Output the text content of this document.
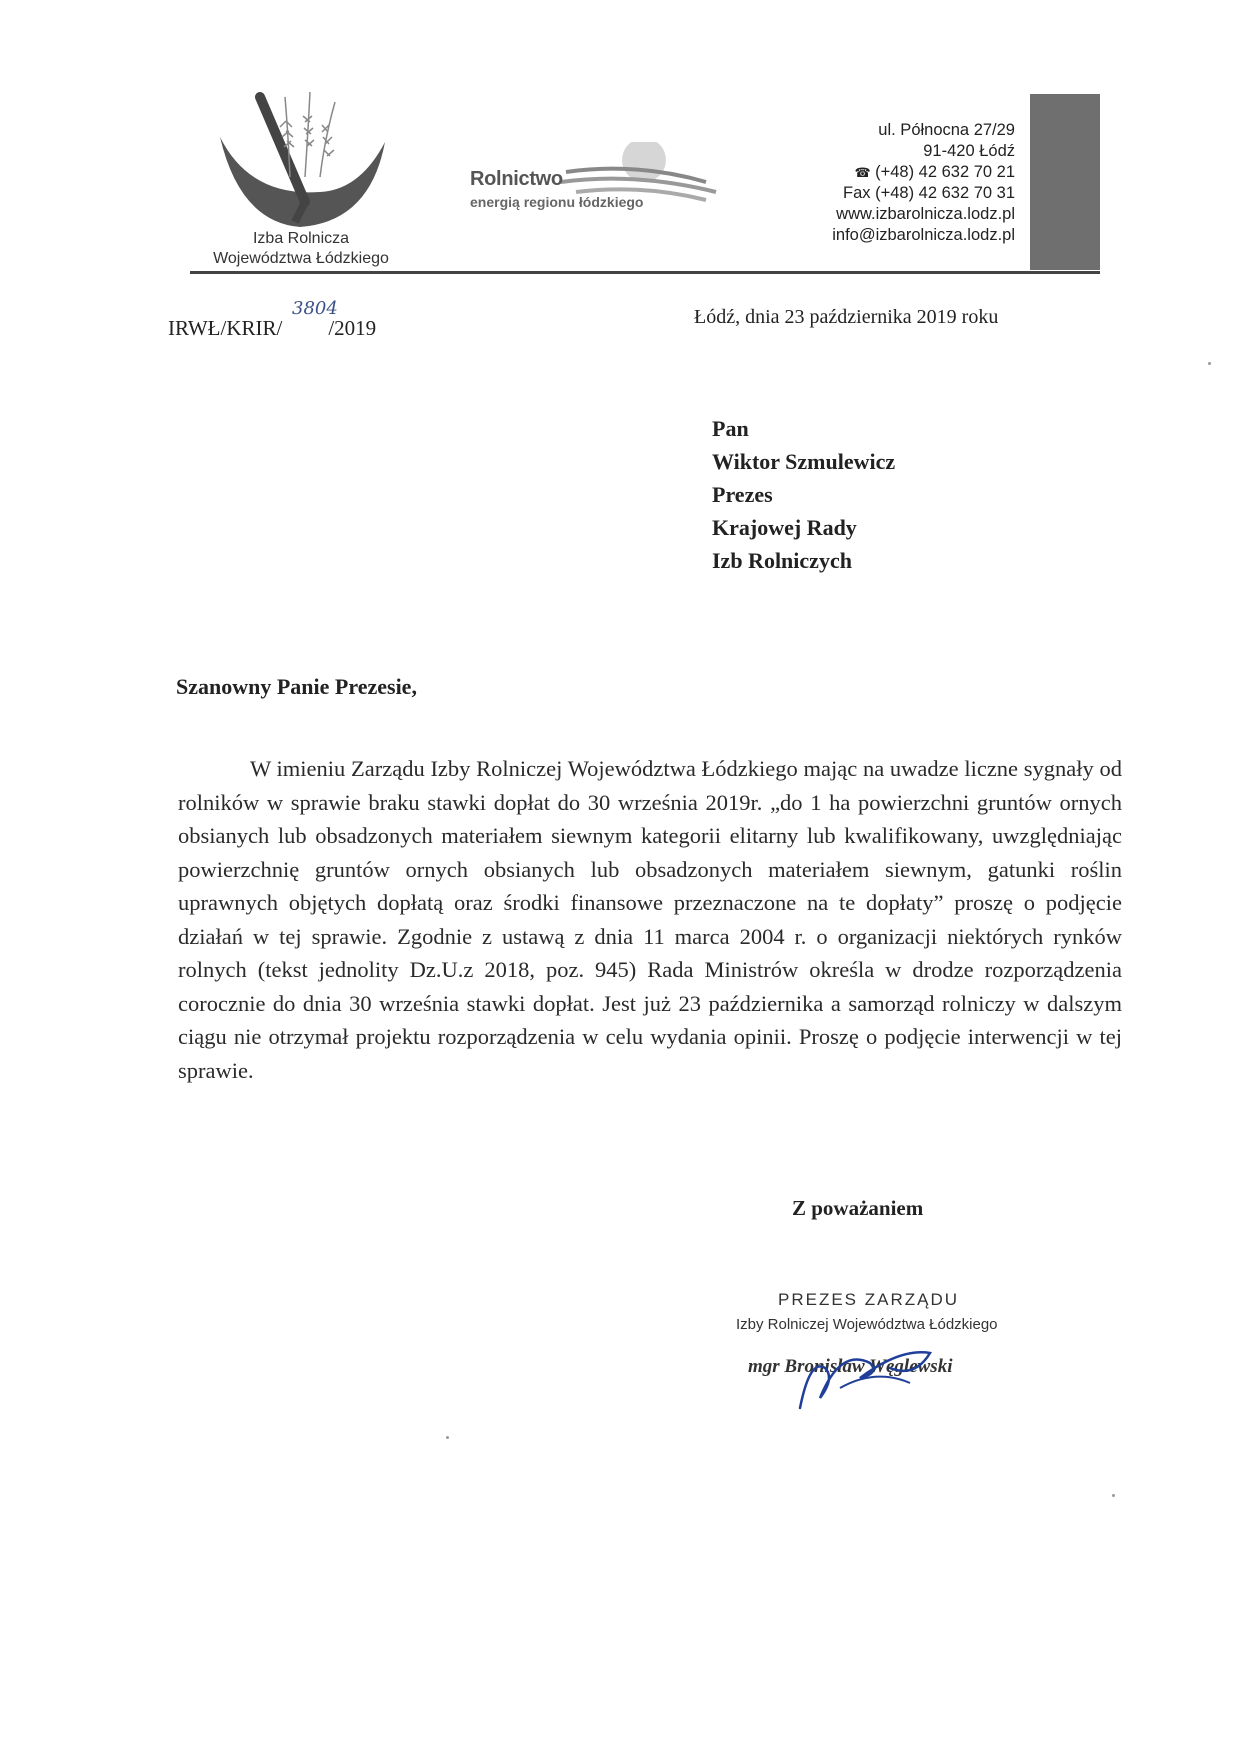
Izba Rolnicza
Województwa Łódzkiego
Rolnictwo
energią regionu łódzkiego
ul. Północna 27/29
91-420 Łódź
☎ (+48) 42 632 70 21
Fax (+48) 42 632 70 31
www.izbarolnicza.lodz.pl
info@izbarolnicza.lodz.pl
IRWŁ/KRIR/ /2019
3804	Łódź, dnia 23 października 2019 roku
Pan
Wiktor Szmulewicz
Prezes
Krajowej Rady
Izb Rolniczych
Szanowny Panie Prezesie,
W imieniu Zarządu Izby Rolniczej Województwa Łódzkiego mając na uwadze liczne sygnały od rolników w sprawie braku stawki dopłat do 30 września 2019r. „do 1 ha powierzchni gruntów ornych obsianych lub obsadzonych materiałem siewnym kategorii elitarny lub kwalifikowany, uwzględniając powierzchnię gruntów ornych obsianych lub obsadzonych materiałem siewnym, gatunki roślin uprawnych objętych dopłatą oraz środki finansowe przeznaczone na te dopłaty” proszę o podjęcie działań w tej sprawie. Zgodnie z ustawą z dnia 11 marca 2004 r. o organizacji niektórych rynków rolnych (tekst jednolity Dz.U.z 2018, poz. 945) Rada Ministrów określa w drodze rozporządzenia corocznie do dnia 30 września stawki dopłat. Jest już 23 października a samorząd rolniczy w dalszym ciągu nie otrzymał projektu rozporządzenia w celu wydania opinii. Proszę o podjęcie interwencji w tej sprawie.
Z poważaniem
PREZES ZARZĄDU
Izby Rolniczej Województwa Łódzkiego
mgr Bronisław Węglewski
